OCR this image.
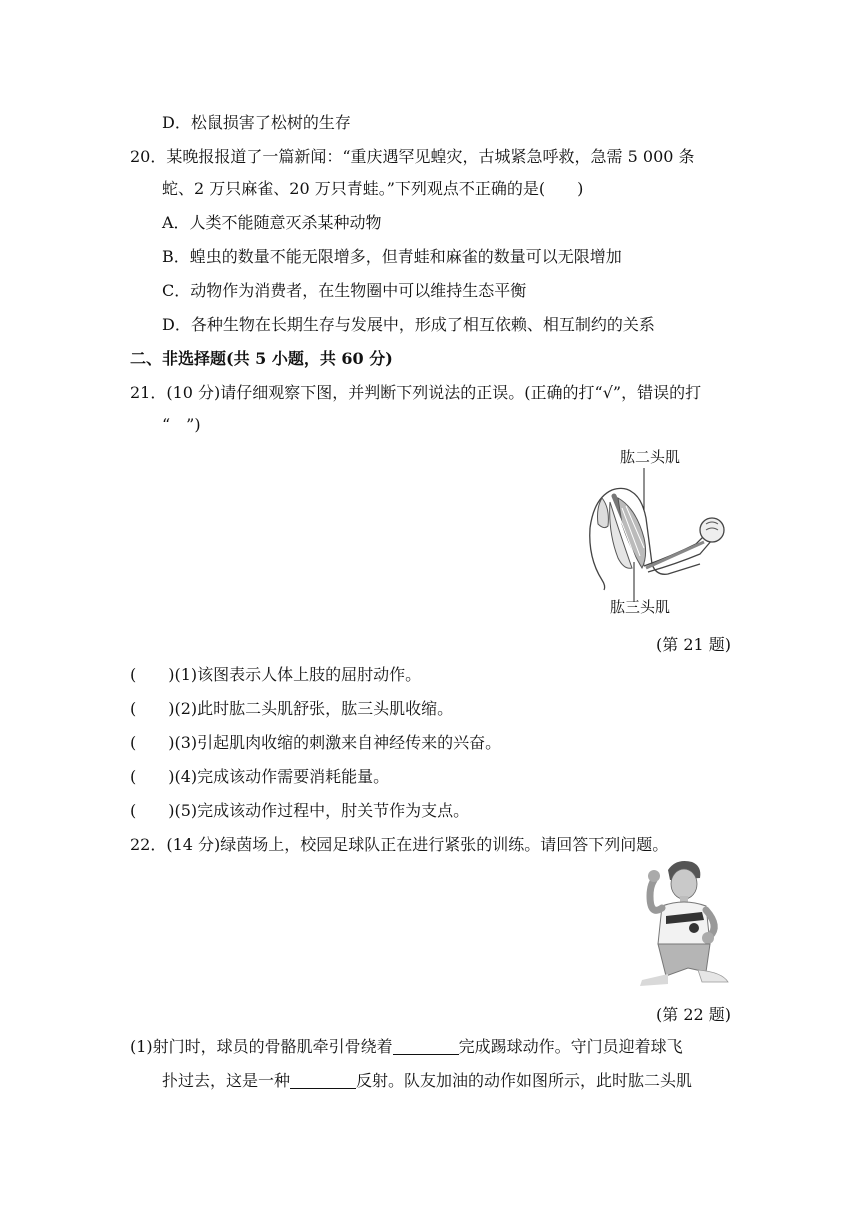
D．松鼠损害了松树的生存
20．某晚报报道了一篇新闻：“重庆遇罕见蝗灾，古城紧急呼救，急需 5 000 条
蛇、2 万只麻雀、20 万只青蛙。”下列观点不正确的是(　　)
A．人类不能随意灭杀某种动物
B．蝗虫的数量不能无限增多，但青蛙和麻雀的数量可以无限增加
C．动物作为消费者，在生物圈中可以维持生态平衡
D．各种生物在长期生存与发展中，形成了相互依赖、相互制约的关系
二、非选择题(共 5 小题，共 60 分)
21．(10 分)请仔细观察下图，并判断下列说法的正误。(正确的打“√”，错误的打
“　”)
肱二头肌
肱三头肌
(第 21 题)
(　　)(1)该图表示人体上肢的屈肘动作。
(　　)(2)此时肱二头肌舒张，肱三头肌收缩。
(　　)(3)引起肌肉收缩的刺激来自神经传来的兴奋。
(　　)(4)完成该动作需要消耗能量。
(　　)(5)完成该动作过程中，肘关节作为支点。
22．(14 分)绿茵场上，校园足球队正在进行紧张的训练。请回答下列问题。
(第 22 题)
(1)射门时，球员的骨骼肌牵引骨绕着	完成踢球动作。守门员迎着球飞
扑过去，这是一种	反射。队友加油的动作如图所示，此时肱二头肌
